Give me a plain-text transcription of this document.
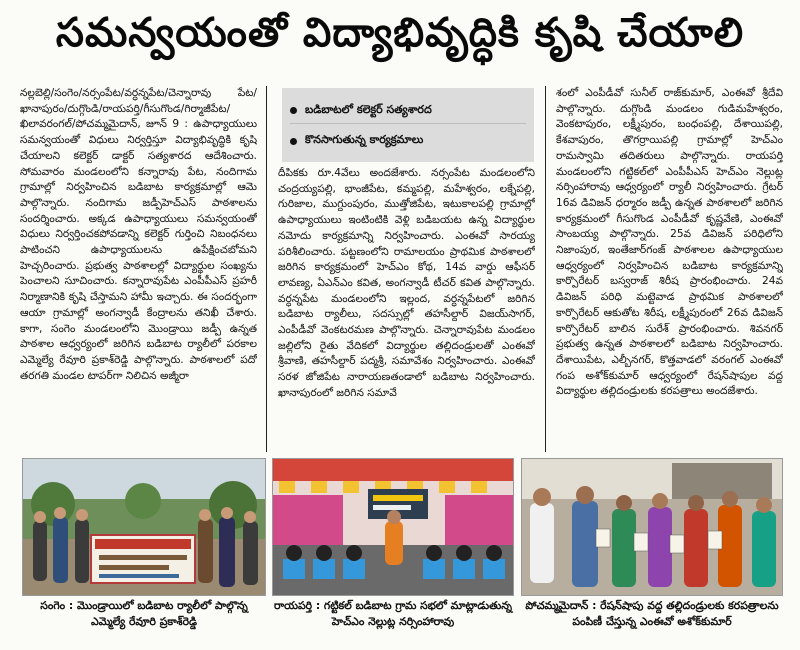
సమన్వయంతో విద్యాభివృద్ధికి కృషి చేయాలి

నల్లబెల్లి/సంగెం/నర్సంపేట/వర్ధన్నపేట/చెన్నారావు పేట/ఖానాపురం/దుగ్గొండి/రాయపర్తి/గీసుగొండ/గిర్మాజీపేట/ఖిలావరంగల్/పోచమ్మమైదాన్, జూన్ 9 : ఉపాధ్యాయులు సమన్వయంతో విధులు నిర్వర్తిస్తూ విద్యాభివృద్ధికి కృషి చేయాలని కలెక్టర్ డాక్టర్ సత్యశారద ఆదేశించారు. సోమవారం మండలంలోని కన్నారావు పేట, నందిగామ గ్రామాల్లో నిర్వహించిన బడిబాట కార్యక్రమాల్లో ఆమె పాల్గొన్నారు. నందిగామ జడ్పీహెచ్ఎస్ పాఠశాలను సందర్శించారు. అక్కడ ఉపాధ్యాయులు సమన్వయంతో విధులు నిర్వర్తించకపోవడాన్ని కలెక్టర్ గుర్తించి నిబంధనలు పాటించని ఉపాధ్యాయులను ఉపేక్షించబోమని హెచ్చరించారు. ప్రభుత్వ పాఠశాలల్లో విద్యార్థుల సంఖ్యను పెంచాలని సూచించారు. కన్నారావుపేట ఎంపీపీఎస్ ప్రహరీ నిర్మాణానికి కృషి చేస్తామని హామీ ఇచ్చారు. ఈ సందర్భంగా ఆయా గ్రామాల్లో అంగన్వాడీ కేంద్రాలను తనిఖీ చేశారు. కాగా, సంగెం మండలంలోని మొండ్రాయి జడ్పీ ఉన్నత పాఠశాల ఆధ్వర్యంలో జరిగిన బడిబాట ర్యాలీలో పరకాల ఎమ్మెల్యే రేవూరి ప్రకాశ్‌రెడ్డి పాల్గొన్నారు. పాఠశాలలో పదో తరగతి మండల టాపర్‌గా నిలిచిన అజ్మీరా

బడిబాటలో కలెక్టర్ సత్యశారద
కొనసాగుతున్న కార్యక్రమాలు

దీపికకు రూ.4వేలు అందజేశారు. నర్సంపేట మండలంలోని చంద్రయ్యపల్లి, భాంజీపేట, కమ్మపల్లి, మహేశ్వరం, లక్నేపల్లి, గురిజాల, ముగ్దుంపురం, ముత్తోజిపేట, ఇటుకాలపల్లి గ్రామాల్లో ఉపాధ్యాయులు ఇంటింటికి వెళ్లి బడిబయట ఉన్న విద్యార్థుల నమోదు కార్యక్రమాన్ని నిర్వహించారు. ఎంఈవో సారయ్య పరిశీలించారు. పట్టణంలోని రామాలయం ప్రాథమిక పాఠశాలలో జరిగిన కార్యక్రమంలో హెచ్ఎం కోథ, 14వ వార్డు ఆఫీసర్ లావణ్య, ఏఎన్ఎం కవిత, అంగన్వాడీ టీచర్ కవిత పాల్గొన్నారు. వర్ధన్నపేట మండలంలోని ఇల్లంద, వర్ధన్నపేటలో జరిగిన బడిబాట ర్యాలీలు, సదస్సుల్లో తహసీల్దార్ విజయ్‌సాగర్, ఎంపీడీవో వెంకటరమణ పాల్గొన్నారు. చెన్నారావుపేట మండలం జల్లిలోని రైతు వేదికలో విద్యార్థుల తల్లిదండ్రులతో ఎంఈవో శ్రీవాణి, తహసీల్దార్ పద్మశ్రీ, సమావేశం నిర్వహించారు. ఎంఈవో సరళ జోజిపేట నారాయణతండాలో బడిబాట నిర్వహించారు. ఖానాపురంలో జరిగిన సమావే

శంలో ఎంపీడీవో సునీల్ రాజ్‌కుమార్, ఎంఈవో శ్రీదేవి పాల్గొన్నారు. దుగ్గొండి మండలం గుడిమహేశ్వరం, వెంకటాపురం, లక్ష్మీపురం, బంధంపల్లి, దేశాయిపల్లి, కేశవాపురం, తొగర్రాయిపల్లి గ్రామాల్లో హెచ్ఎం రామస్వామి తదితరులు పాల్గొన్నారు. రాయపర్తి మండలంలోని గట్టికల్‌లో ఎంపీపీఎస్ హెచ్ఎం నెల్లుట్ల నర్సింహారావు ఆధ్వర్యంలో ర్యాలీ నిర్వహించారు. గ్రేటర్ 16వ డివిజన్ ధర్మారం జడ్పీ ఉన్నత పాఠశాలలో జరిగిన కార్యక్రమంలో గీసుగొండ ఎంపీడీవో కృష్ణవేణి, ఎంఈవో సాంబయ్య పాల్గొన్నారు. 25వ డివిజన్ పరిధిలోని నిజాంపుర, ఇంతేజార్‌గంజ్ పాఠశాలల ఉపాధ్యాయుల ఆధ్వర్యంలో నిర్వహించిన బడిబాట కార్యక్రమాన్ని కార్పొరేటర్ బస్వరాజ్ శిరీష ప్రారంభించారు. 24వ డివిజన్ పరిధి మట్టెవాడ ప్రాథమిక పాఠశాలలో కార్పొరేటర్ ఆకుతోట శిరీష, లక్ష్మీపురంలో 26వ డివిజన్ కార్పొరేటర్ బాలిన సురేశ్ ప్రారంభించారు. శివనగర్ ప్రభుత్వ ఉన్నత పాఠశాలలో బడిబాట నిర్వహించారు. దేశాయిపేట, ఎల్బీనగర్, కొత్తవాడలో వరంగల్ ఎంఈవో గంప అశోక్‌కుమార్ ఆధ్వర్యంలో రేషన్‌షాపుల వద్ద విద్యార్థుల తల్లిదండ్రులకు కరపత్రాలు అందజేశారు.

సంగెం : మొండ్రాయిలో బడిబాట ర్యాలీలో పాల్గొన్న ఎమ్మెల్యే రేవూరి ప్రకాశ్‌రెడ్డి
రాయపర్తి : గట్టికల్ బడిబాట గ్రామ సభలో మాట్లాడుతున్న హెచ్ఎం నెల్లుట్ల నర్సింహారావు
పోచమ్మమైదాన్ : రేషన్‌షాపు వద్ద తల్లిదండ్రులకు కరపత్రాలను పంపిణీ చేస్తున్న ఎంఈవో అశోక్‌కుమార్
